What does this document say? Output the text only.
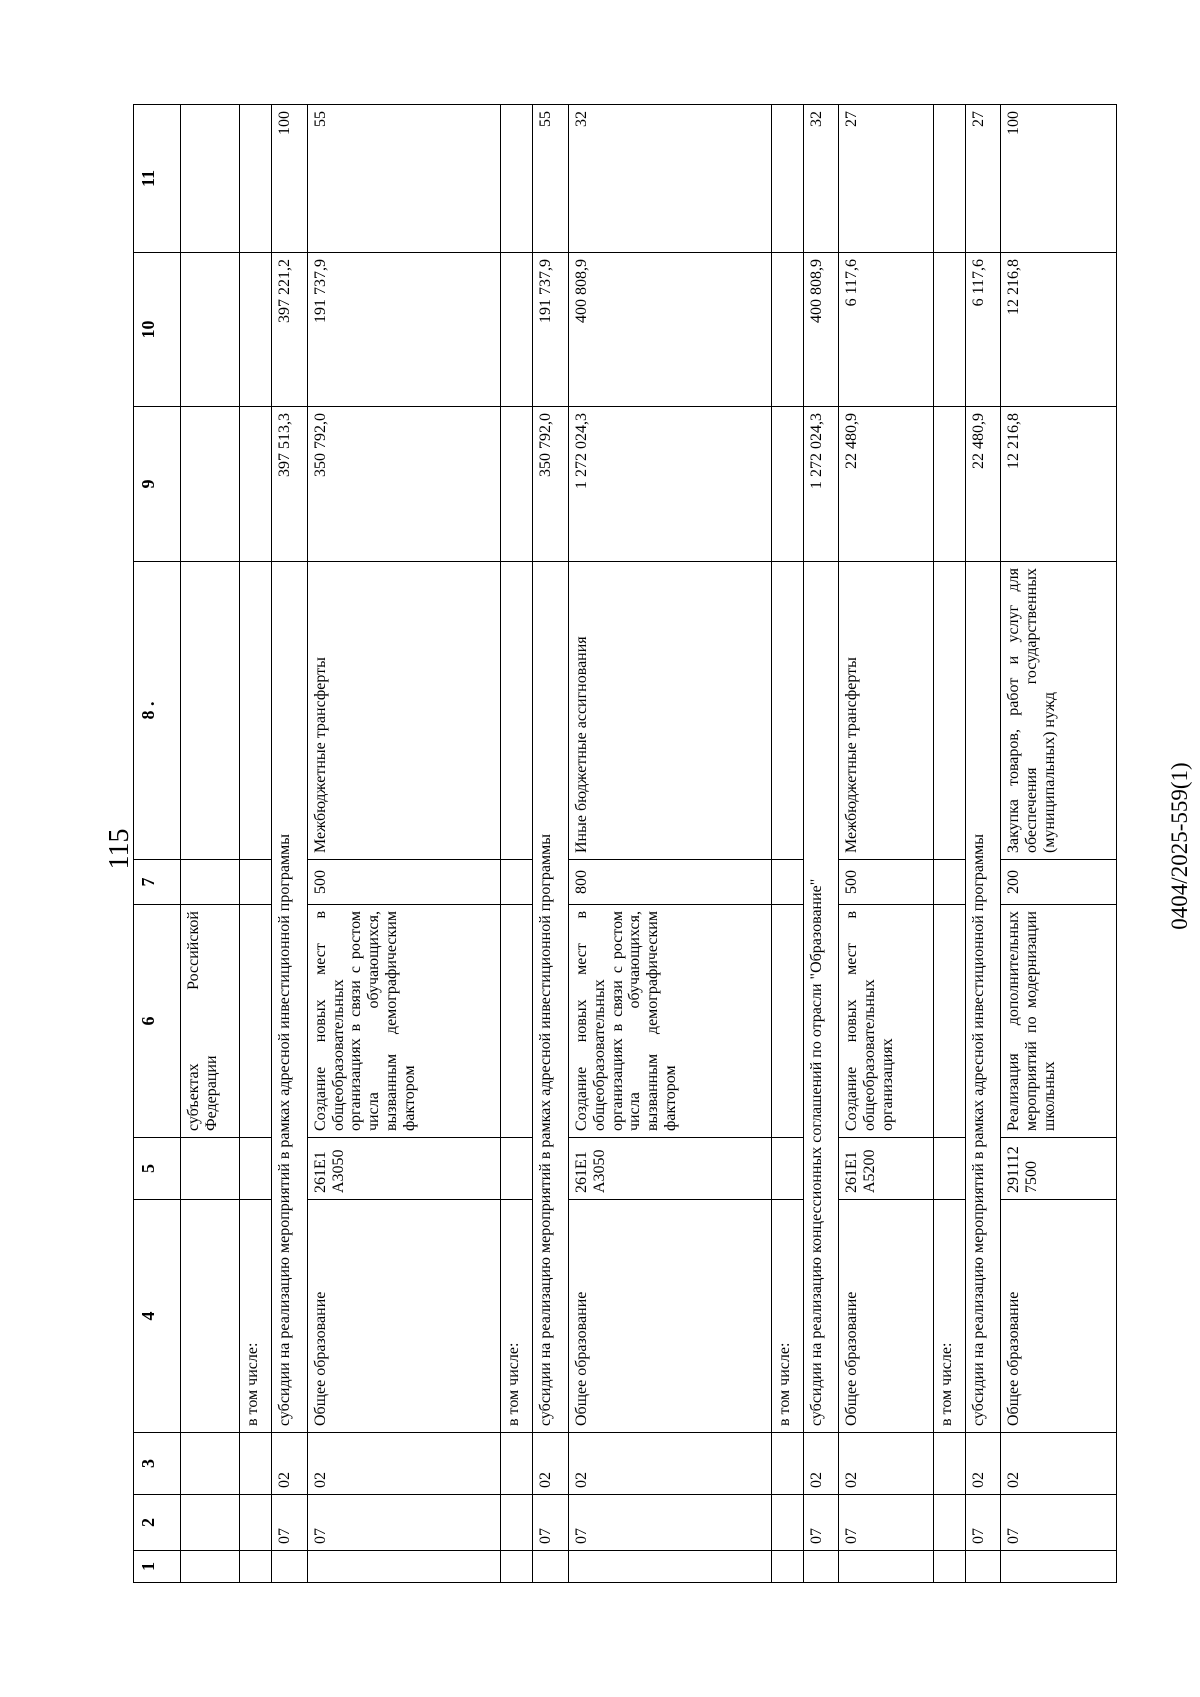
115	0404/2025-559(1)
1	2	3	4	5	6	7	8 .	9	10	11
					субъектах Российской Федерации					
			в том числе:							
	07	02	субсидии на реализацию мероприятий в рамках адресной инвестиционной программы					397 513,3	397 221,2	100
	07	02	Общее образование	261Е1 А3050	Создание новых мест в общеобразовательных организациях в связи с ростом числа обучающихся, вызванным демографическим фактором	500	Межбюджетные трансферты	350 792,0	191 737,9	55
			в том числе:							
	07	02	субсидии на реализацию мероприятий в рамках адресной инвестиционной программы					350 792,0	191 737,9	55
	07	02	Общее образование	261Е1 А3050	Создание новых мест в общеобразовательных организациях в связи с ростом числа обучающихся, вызванным демографическим фактором	800	Иные бюджетные ассигнования	1 272 024,3	400 808,9	32
			в том числе:							
	07	02	субсидии на реализацию концессионных соглашений по отрасли "Образование"					1 272 024,3	400 808,9	32
	07	02	Общее образование	261Е1 А5200	Создание новых мест в общеобразовательных организациях	500	Межбюджетные трансферты	22 480,9	6 117,6	27
			в том числе:							
	07	02	субсидии на реализацию мероприятий в рамках адресной инвестиционной программы					22 480,9	6 117,6	27
	07	02	Общее образование	291112 7500	Реализация дополнительных мероприятий по модернизации школьных	200	Закупка товаров, работ и услуг для обеспечения государственных (муниципальных) нужд	12 216,8	12 216,8	100
